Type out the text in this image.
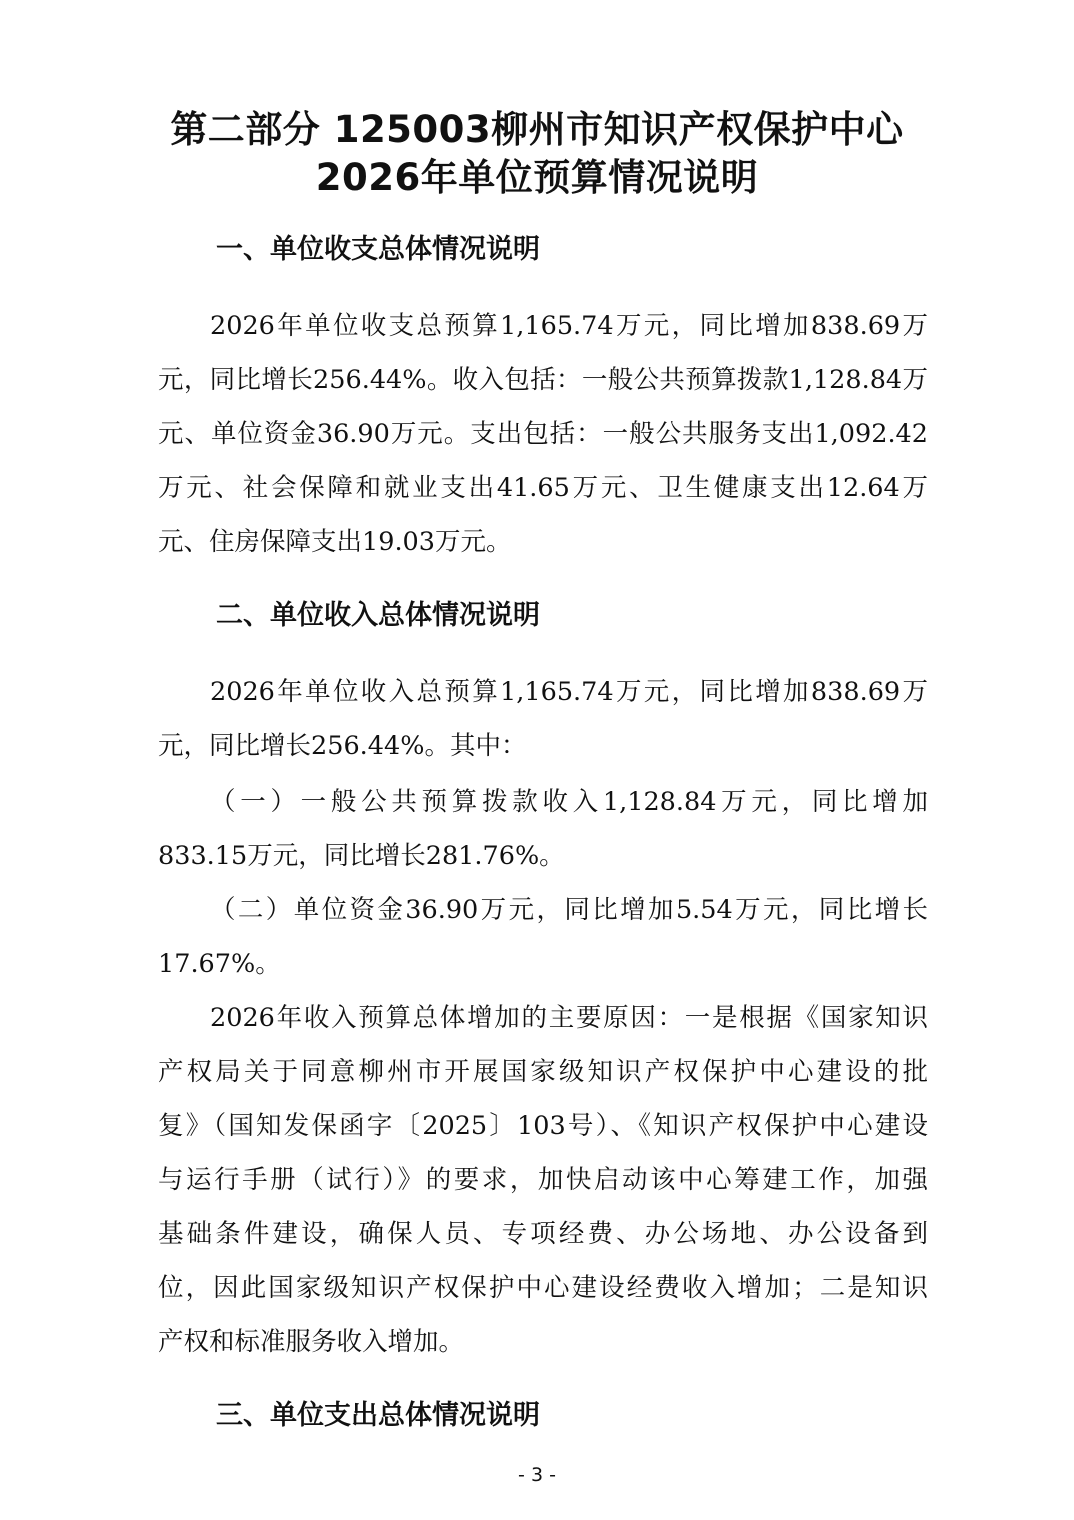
第二部分 125003柳州市知识产权保护中心
2026年单位预算情况说明
一、单位收支总体情况说明
2026年单位收支总预算1,165.74万元，同比增加838.69万
元，同比增长256.44%。收入包括：一般公共预算拨款1,128.84万
元、单位资金36.90万元。支出包括：一般公共服务支出1,092.42
万元、社会保障和就业支出41.65万元、卫生健康支出12.64万
元、住房保障支出19.03万元。
二、单位收入总体情况说明
2026年单位收入总预算1,165.74万元，同比增加838.69万
元，同比增长256.44%。其中：
（一）一般公共预算拨款收入1,128.84万元，同比增加
833.15万元，同比增长281.76%。
（二）单位资金36.90万元，同比增加5.54万元，同比增长
17.67%。
2026年收入预算总体增加的主要原因：一是根据《国家知识
产权局关于同意柳州市开展国家级知识产权保护中心建设的批
复》（国知发保函字〔2025〕103号）、《知识产权保护中心建设
与运行手册（试行）》的要求，加快启动该中心筹建工作，加强
基础条件建设，确保人员、专项经费、办公场地、办公设备到
位，因此国家级知识产权保护中心建设经费收入增加；二是知识
产权和标准服务收入增加。
三、单位支出总体情况说明
- 3 -
